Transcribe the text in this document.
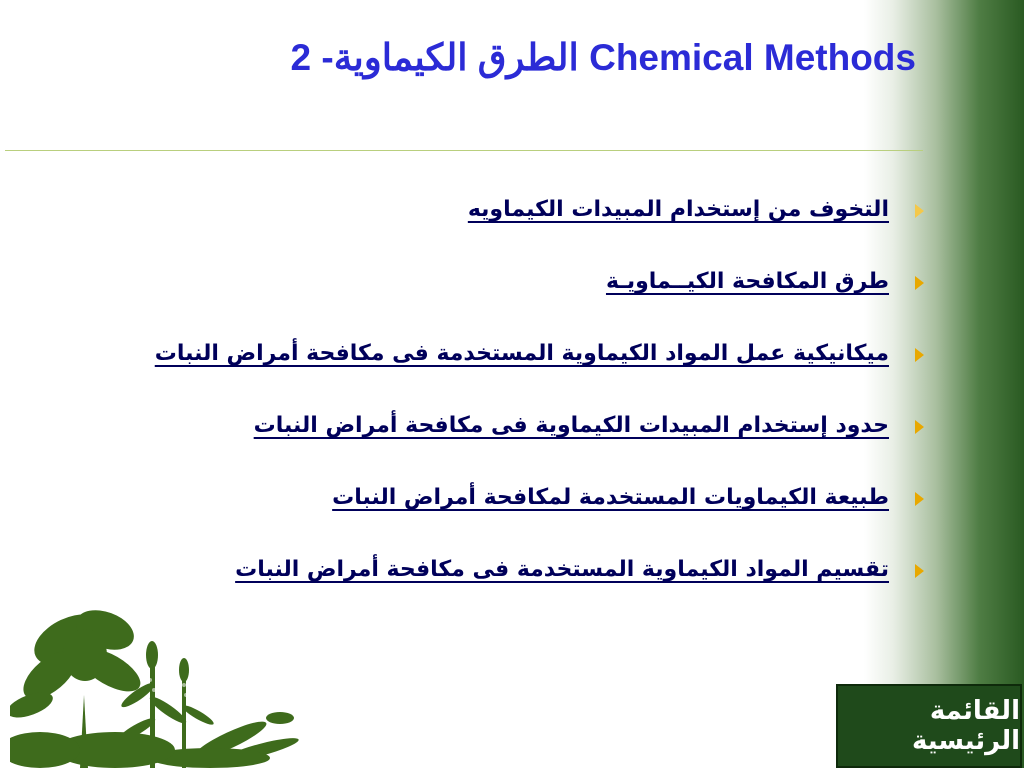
2 -الطرق الكيماوية Chemical Methods
التخوف من إستخدام المبيدات الكيماويه
طرق المكافحة الكيــماويـة
ميكانيكية عمل المواد الكيماوية المستخدمة فى مكافحة أمراض النبات
حدود إستخدام المبيدات الكيماوية فى مكافحة أمراض النبات
طبيعة الكيماويات المستخدمة لمكافحة أمراض النبات
تقسيم المواد الكيماوية المستخدمة فى مكافحة أمراض النبات
القائمة الرئيسية
